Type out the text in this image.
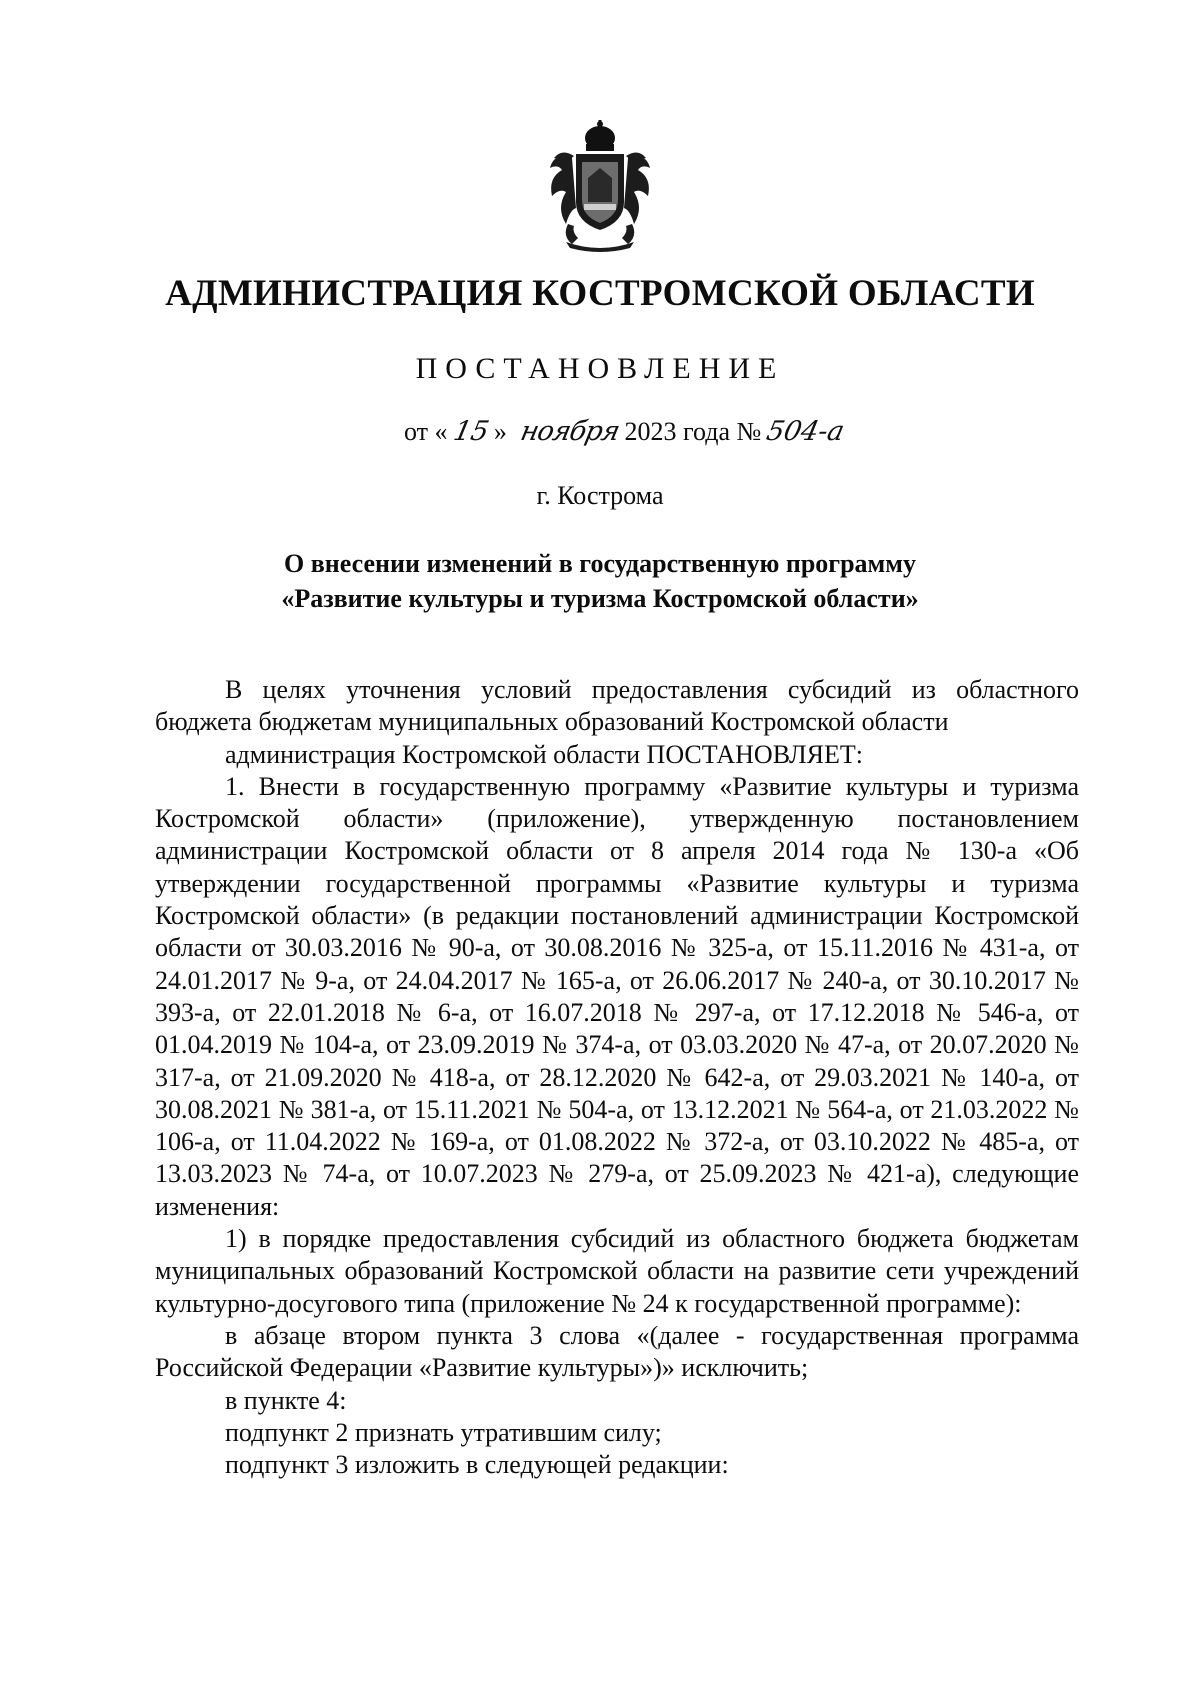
АДМИНИСТРАЦИЯ КОСТРОМСКОЙ ОБЛАСТИ
ПОСТАНОВЛЕНИЕ
от « 15 » ноября 2023 года № 504-а
г. Кострома
О внесении изменений в государственную программу
«Развитие культуры и туризма Костромской области»

В целях уточнения условий предоставления субсидий из областного бюджета бюджетам муниципальных образований Костромской области

администрация Костромской области ПОСТАНОВЛЯЕТ:

1. Внести в государственную программу «Развитие культуры и туризма Костромской области» (приложение), утвержденную постановлением администрации Костромской области от 8 апреля 2014 года № 130-а «Об утверждении государственной программы «Развитие культуры и туризма Костромской области» (в редакции постановлений администрации Костромской области от 30.03.2016 № 90-а, от 30.08.2016 № 325-а, от 15.11.2016 № 431-а, от 24.01.2017 № 9-а, от 24.04.2017 № 165-а, от 26.06.2017 № 240-а, от 30.10.2017 № 393-а, от 22.01.2018 № 6-а, от 16.07.2018 № 297-а, от 17.12.2018 № 546-а, от 01.04.2019 № 104-а, от 23.09.2019 № 374-а, от 03.03.2020 № 47-а, от 20.07.2020 № 317-а, от 21.09.2020 № 418-а, от 28.12.2020 № 642-а, от 29.03.2021 № 140-а, от 30.08.2021 № 381-а, от 15.11.2021 № 504-а, от 13.12.2021 № 564-а, от 21.03.2022 № 106-а, от 11.04.2022 № 169-а, от 01.08.2022 № 372-а, от 03.10.2022 № 485-а, от 13.03.2023 № 74-а, от 10.07.2023 № 279-а, от 25.09.2023 № 421-а), следующие изменения:

1) в порядке предоставления субсидий из областного бюджета бюджетам муниципальных образований Костромской области на развитие сети учреждений культурно-досугового типа (приложение № 24 к государственной программе):

в абзаце втором пункта 3 слова «(далее - государственная программа Российской Федерации «Развитие культуры»)» исключить;

в пункте 4:

подпункт 2 признать утратившим силу;

подпункт 3 изложить в следующей редакции:
